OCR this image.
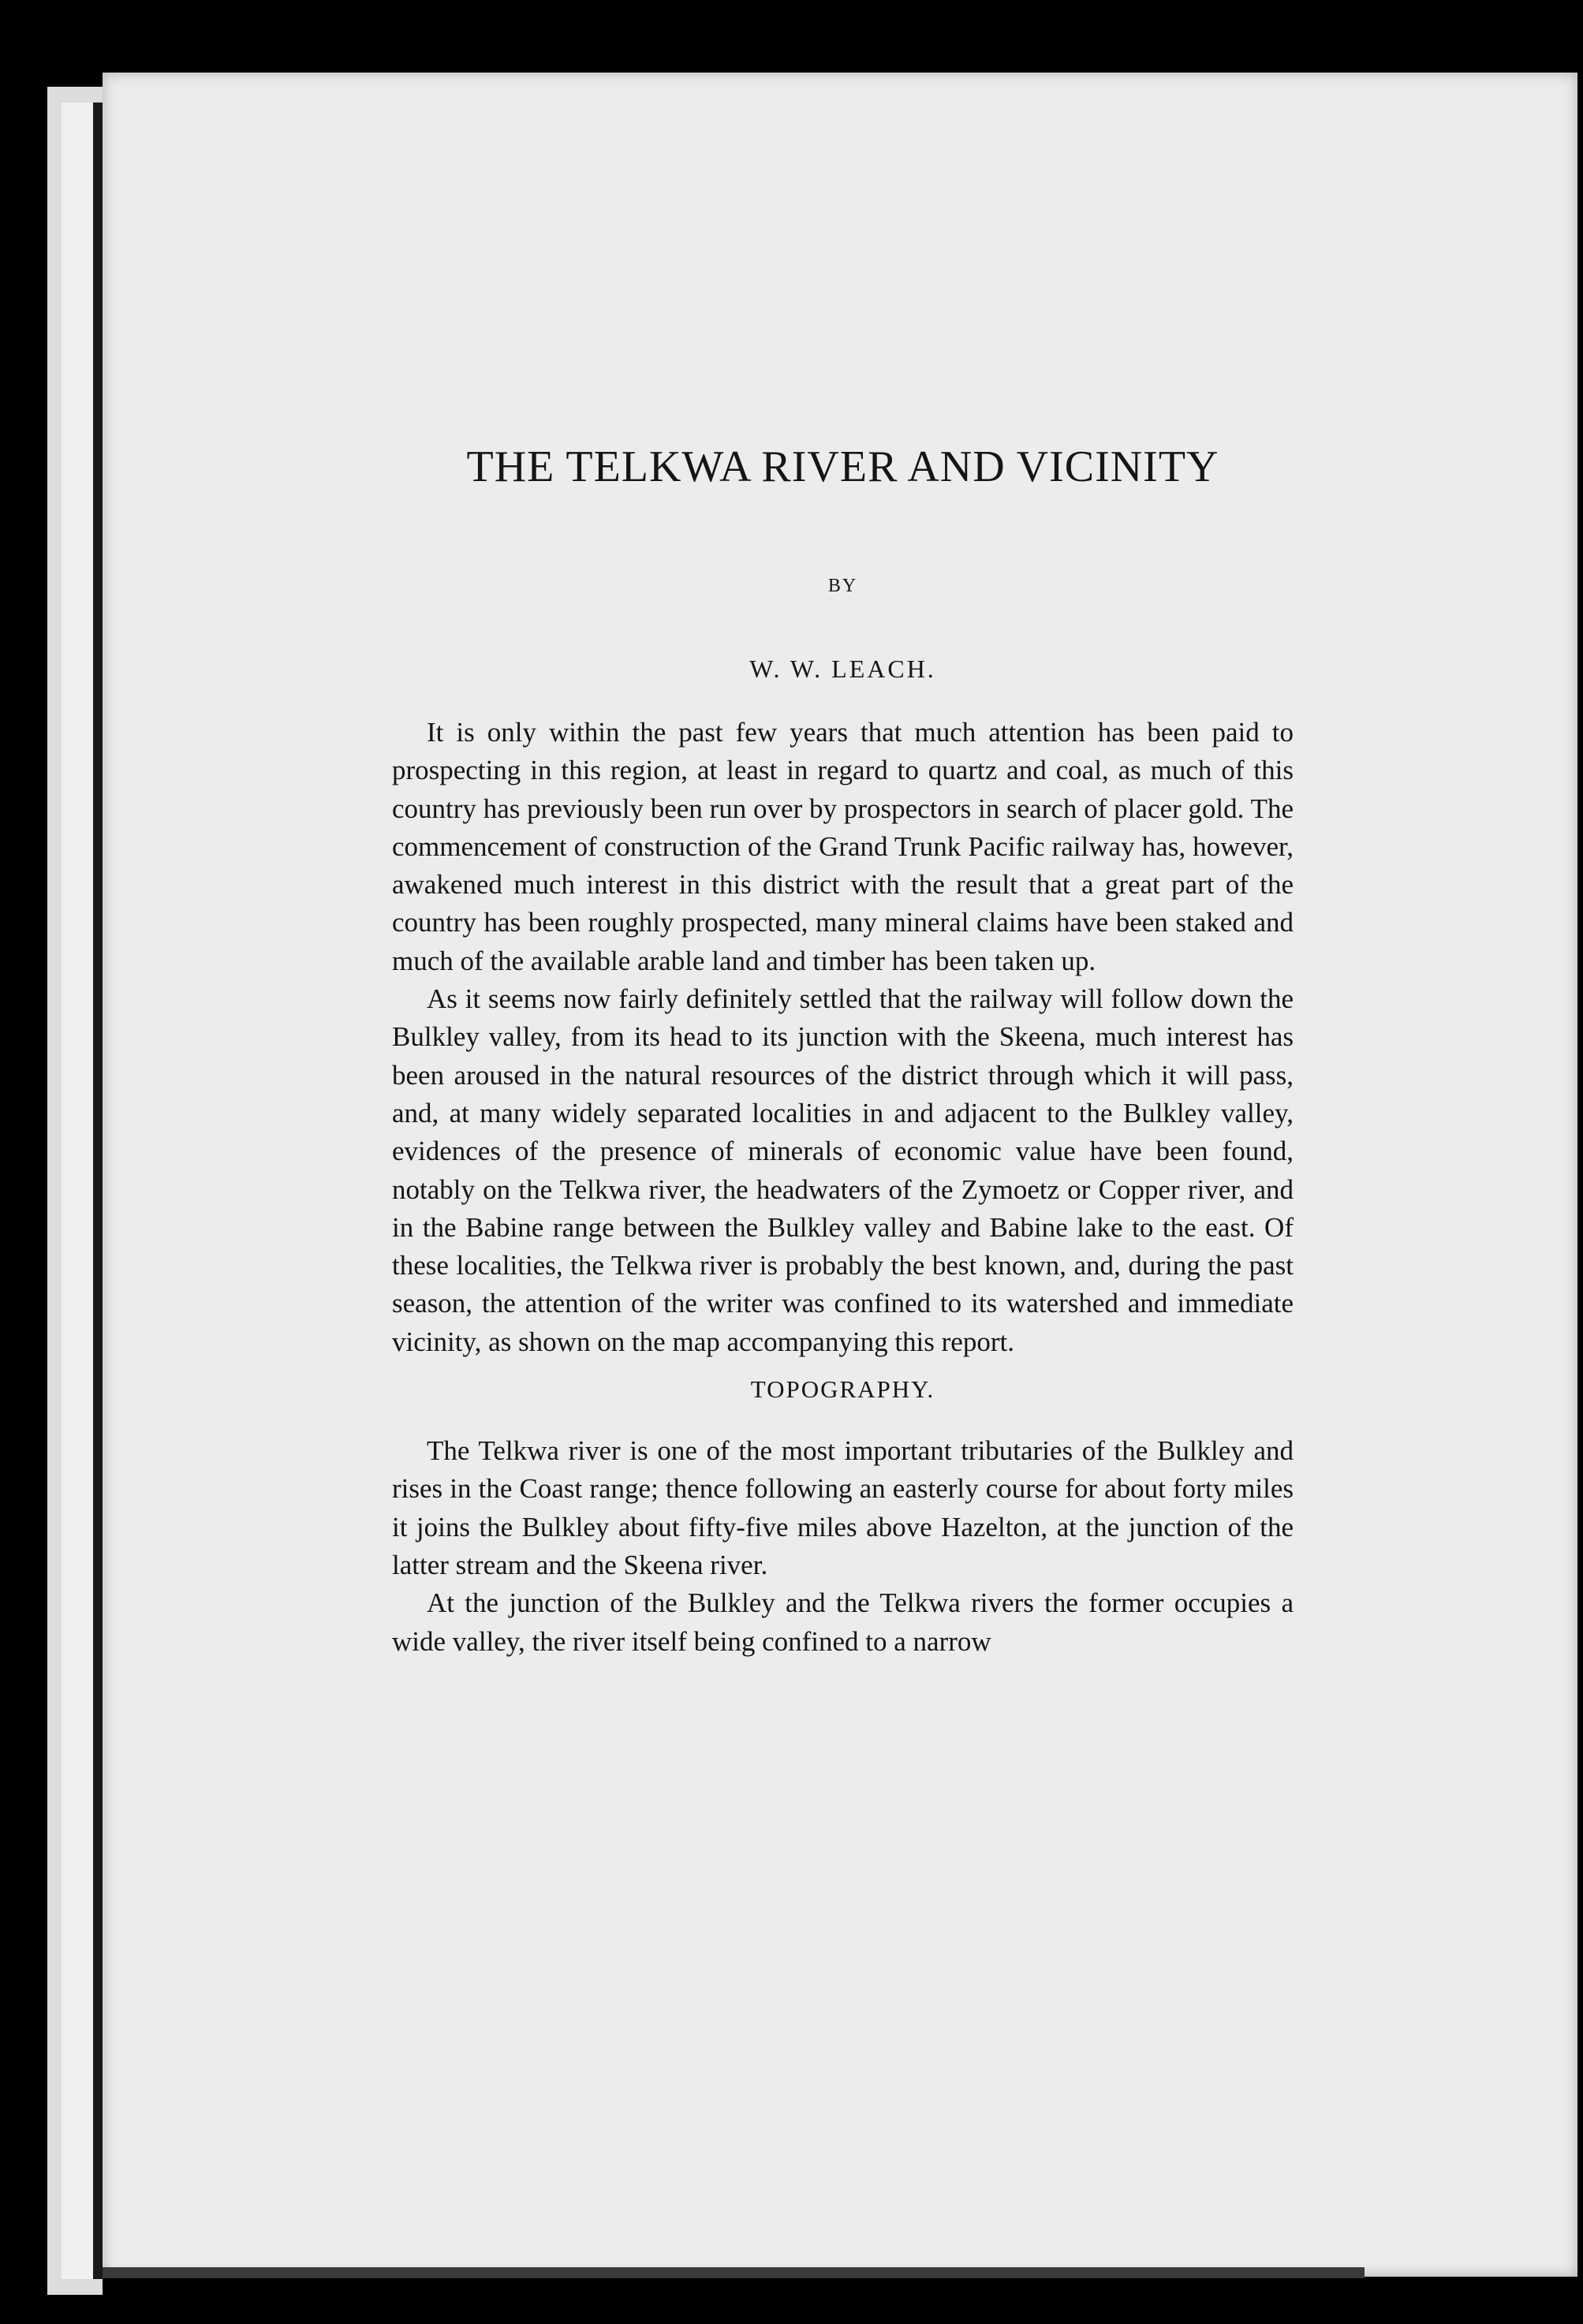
THE TELKWA RIVER AND VICINITY
BY
W. W. LEACH.

It is only within the past few years that much attention has been paid to prospecting in this region, at least in regard to quartz and coal, as much of this country has previously been run over by prospectors in search of placer gold. The commencement of construction of the Grand Trunk Pacific railway has, however, awakened much interest in this district with the result that a great part of the country has been roughly prospected, many mineral claims have been staked and much of the available arable land and timber has been taken up.

As it seems now fairly definitely settled that the railway will follow down the Bulkley valley, from its head to its junction with the Skeena, much interest has been aroused in the natural resources of the district through which it will pass, and, at many widely separated localities in and adjacent to the Bulkley valley, evidences of the presence of minerals of economic value have been found, notably on the Telkwa river, the headwaters of the Zymoetz or Copper river, and in the Babine range between the Bulkley valley and Babine lake to the east. Of these localities, the Telkwa river is probably the best known, and, during the past season, the attention of the writer was confined to its watershed and immediate vicinity, as shown on the map accompanying this report.

TOPOGRAPHY.

The Telkwa river is one of the most important tributaries of the Bulkley and rises in the Coast range; thence following an easterly course for about forty miles it joins the Bulkley about fifty-five miles above Hazelton, at the junction of the latter stream and the Skeena river.

At the junction of the Bulkley and the Telkwa rivers the former occupies a wide valley, the river itself being confined to a narrow
